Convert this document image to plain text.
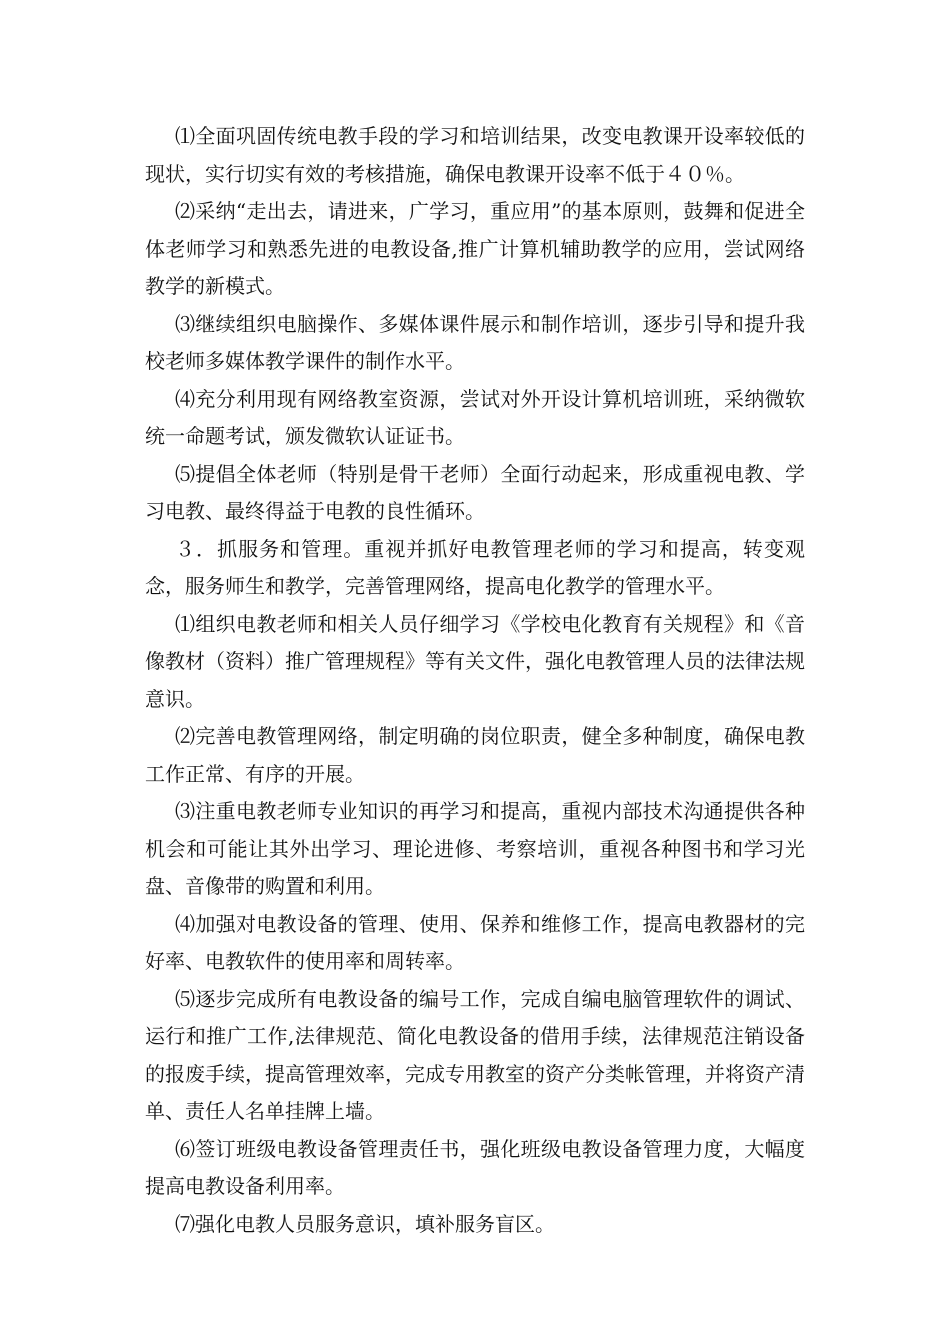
⑴全面巩固传统电教手段的学习和培训结果，改变电教课开设率较低的现状，实行切实有效的考核措施，确保电教课开设率不低于４０％。

⑵采纳“走出去，请进来，广学习，重应用”的基本原则，鼓舞和促进全体老师学习和熟悉先进的电教设备,推广计算机辅助教学的应用，尝试网络教学的新模式。

⑶继续组织电脑操作、多媒体课件展示和制作培训，逐步引导和提升我校老师多媒体教学课件的制作水平。

⑷充分利用现有网络教室资源，尝试对外开设计算机培训班，采纳微软统一命题考试，颁发微软认证证书。

⑸提倡全体老师（特别是骨干老师）全面行动起来，形成重视电教、学习电教、最终得益于电教的良性循环。

３．抓服务和管理。重视并抓好电教管理老师的学习和提高，转变观念，服务师生和教学，完善管理网络，提高电化教学的管理水平。

⑴组织电教老师和相关人员仔细学习《学校电化教育有关规程》和《音像教材（资料）推广管理规程》等有关文件，强化电教管理人员的法律法规意识。

⑵完善电教管理网络，制定明确的岗位职责，健全多种制度，确保电教工作正常、有序的开展。

⑶注重电教老师专业知识的再学习和提高，重视内部技术沟通提供各种机会和可能让其外出学习、理论进修、考察培训，重视各种图书和学习光盘、音像带的购置和利用。

⑷加强对电教设备的管理、使用、保养和维修工作，提高电教器材的完好率、电教软件的使用率和周转率。

⑸逐步完成所有电教设备的编号工作，完成自编电脑管理软件的调试、运行和推广工作,法律规范、简化电教设备的借用手续，法律规范注销设备的报废手续，提高管理效率，完成专用教室的资产分类帐管理，并将资产清单、责任人名单挂牌上墙。

⑹签订班级电教设备管理责任书，强化班级电教设备管理力度，大幅度提高电教设备利用率。

⑺强化电教人员服务意识，填补服务盲区。
